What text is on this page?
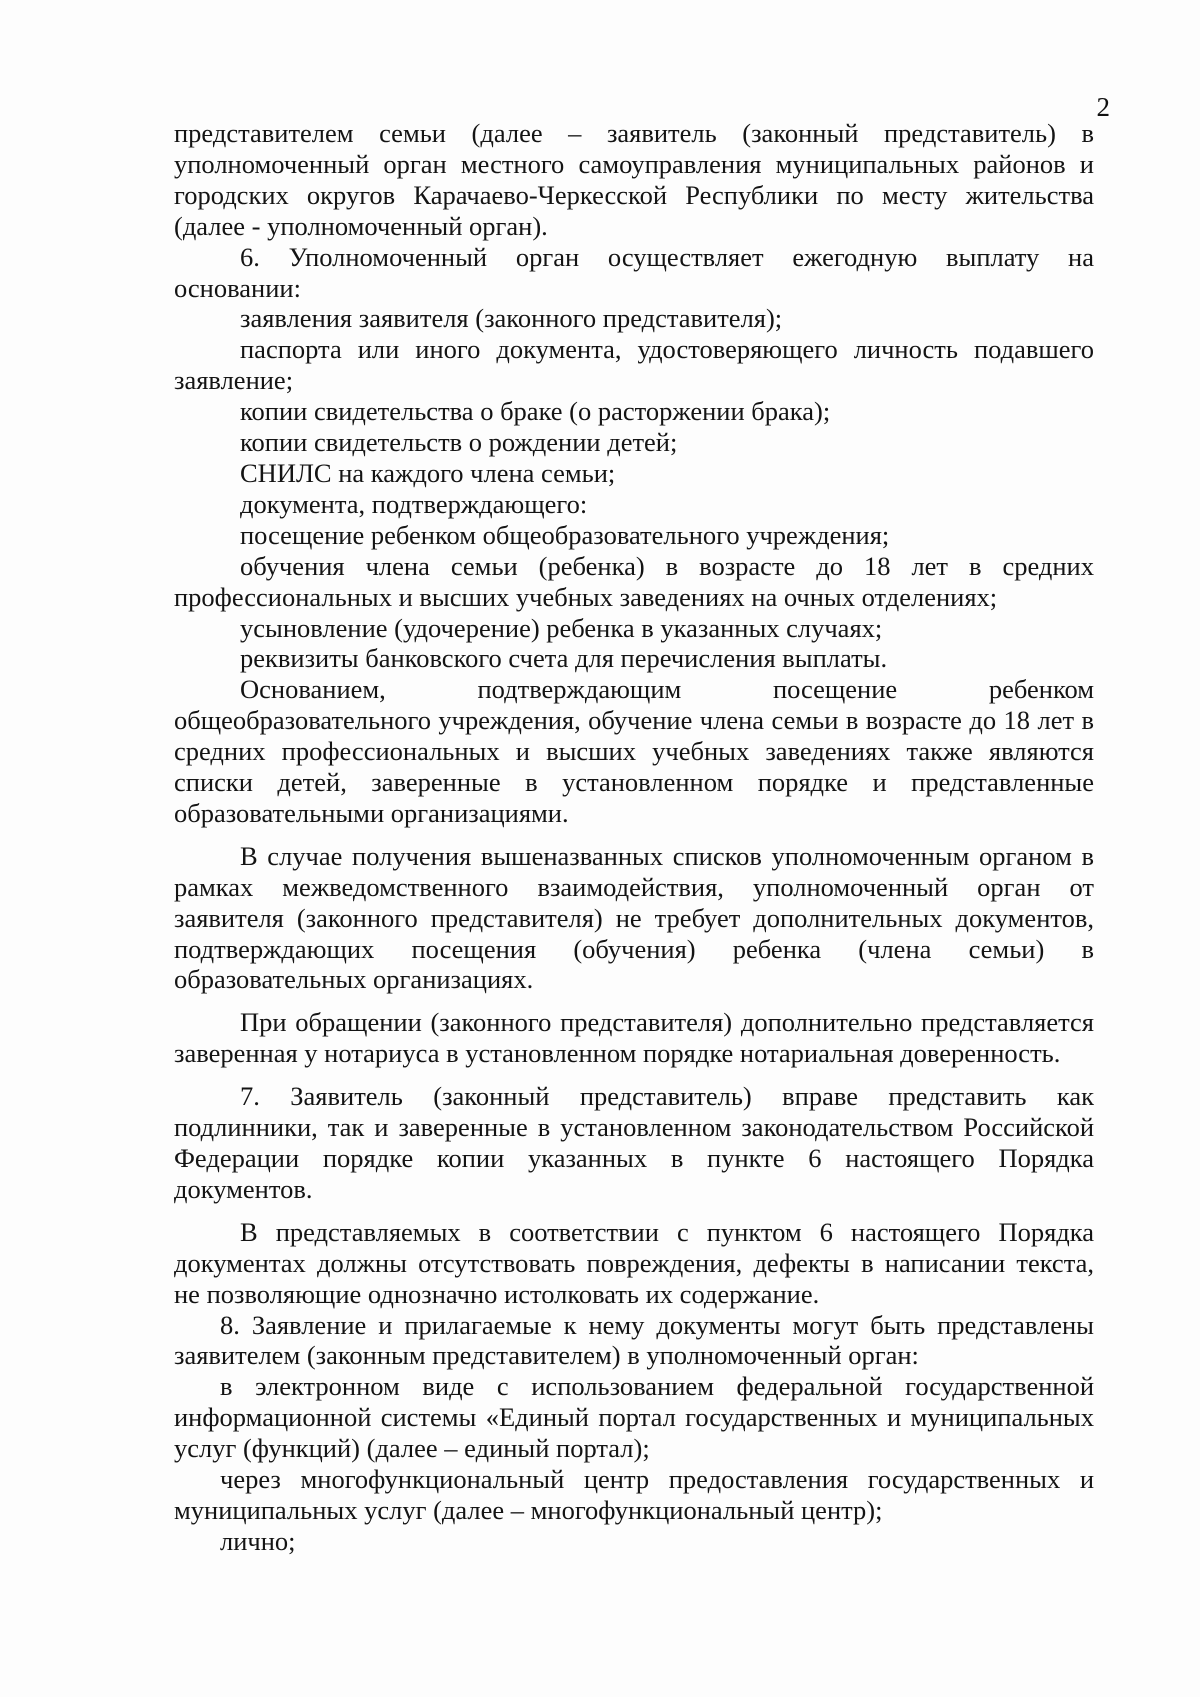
2

представителем семьи (далее – заявитель (законный представитель) в уполномоченный орган местного самоуправления муниципальных районов и городских округов Карачаево-Черкесской Республики по месту жительства (далее - уполномоченный орган).

6. Уполномоченный орган осуществляет ежегодную выплату на основании:

заявления заявителя (законного представителя);

паспорта или иного документа, удостоверяющего личность подавшего заявление;

копии свидетельства о браке (о расторжении брака);

копии свидетельств о рождении детей;

СНИЛС на каждого члена семьи;

документа, подтверждающего:

посещение ребенком общеобразовательного учреждения;

обучения члена семьи (ребенка) в возрасте до 18 лет в средних профессиональных и высших учебных заведениях на очных отделениях;

усыновление (удочерение) ребенка в указанных случаях;

реквизиты банковского счета для перечисления выплаты.

Основанием, подтверждающим посещение ребенком общеобразовательного учреждения, обучение члена семьи в возрасте до 18 лет в средних профессиональных и высших учебных заведениях также являются списки детей, заверенные в установленном порядке и представленные образовательными организациями.

В случае получения вышеназванных списков уполномоченным органом в рамках межведомственного взаимодействия, уполномоченный орган от заявителя (законного представителя) не требует дополнительных документов, подтверждающих посещения (обучения) ребенка (члена семьи) в образовательных организациях.

При обращении (законного представителя) дополнительно представляется заверенная у нотариуса в установленном порядке нотариальная доверенность.

7. Заявитель (законный представитель) вправе представить как подлинники, так и заверенные в установленном законодательством Российской Федерации порядке копии указанных в пункте 6 настоящего Порядка документов.

В представляемых в соответствии с пунктом 6 настоящего Порядка документах должны отсутствовать повреждения, дефекты в написании текста, не позволяющие однозначно истолковать их содержание.

8. Заявление и прилагаемые к нему документы могут быть представлены заявителем (законным представителем) в уполномоченный орган:

в электронном виде с использованием федеральной государственной информационной системы «Единый портал государственных и муниципальных услуг (функций) (далее – единый портал);

через многофункциональный центр предоставления государственных и муниципальных услуг (далее – многофункциональный центр);

лично;
